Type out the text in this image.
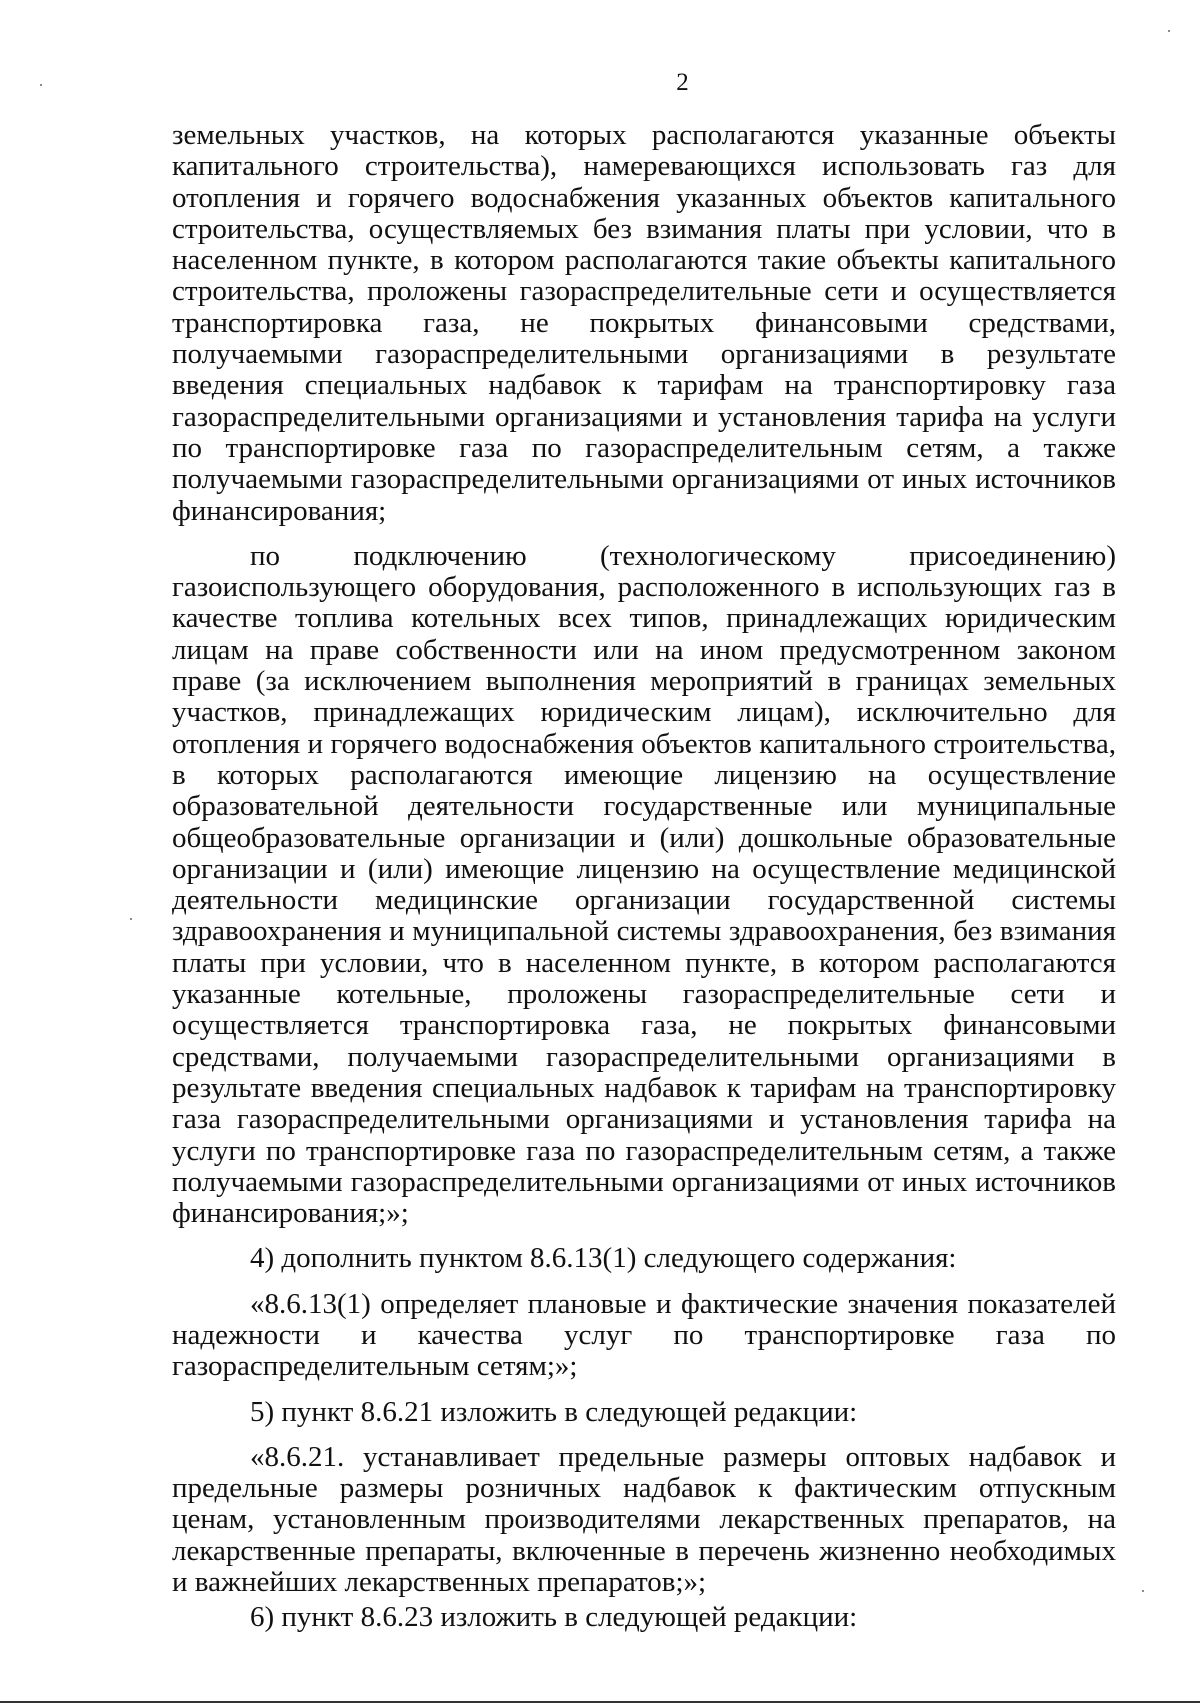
2

земельных участков, на которых располагаются указанные объекты капитального строительства), намеревающихся использовать газ для отопления и горячего водоснабжения указанных объектов капитального строительства, осуществляемых без взимания платы при условии, что в населенном пункте, в котором располагаются такие объекты капитального строительства, проложены газораспределительные сети и осуществляется транспортировка газа, не покрытых финансовыми средствами, получаемыми газораспределительными организациями в результате введения специальных надбавок к тарифам на транспортировку газа газораспределительными организациями и установления тарифа на услуги по транспортировке газа по газораспределительным сетям, а также получаемыми газораспределительными организациями от иных источников финансирования;

по подключению (технологическому присоединению) газоиспользующего оборудования, расположенного в использующих газ в качестве топлива котельных всех типов, принадлежащих юридическим лицам на праве собственности или на ином предусмотренном законом праве (за исключением выполнения мероприятий в границах земельных участков, принадлежащих юридическим лицам), исключительно для отопления и горячего водоснабжения объектов капитального строительства, в которых располагаются имеющие лицензию на осуществление образовательной деятельности государственные или муниципальные общеобразовательные организации и (или) дошкольные образовательные организации и (или) имеющие лицензию на осуществление медицинской деятельности медицинские организации государственной системы здравоохранения и муниципальной системы здравоохранения, без взимания платы при условии, что в населенном пункте, в котором располагаются указанные котельные, проложены газораспределительные сети и осуществляется транспортировка газа, не покрытых финансовыми средствами, получаемыми газораспределительными организациями в результате введения специальных надбавок к тарифам на транспортировку газа газораспределительными организациями и установления тарифа на услуги по транспортировке газа по газораспределительным сетям, а также получаемыми газораспределительными организациями от иных источников финансирования;»;

4) дополнить пунктом 8.6.13(1) следующего содержания:

«8.6.13(1) определяет плановые и фактические значения показателей надежности и качества услуг по транспортировке газа по газораспределительным сетям;»;

5) пункт 8.6.21 изложить в следующей редакции:

«8.6.21. устанавливает предельные размеры оптовых надбавок и предельные размеры розничных надбавок к фактическим отпускным ценам, установленным производителями лекарственных препаратов, на лекарственные препараты, включенные в перечень жизненно необходимых и важнейших лекарственных препаратов;»;

6) пункт 8.6.23 изложить в следующей редакции:
